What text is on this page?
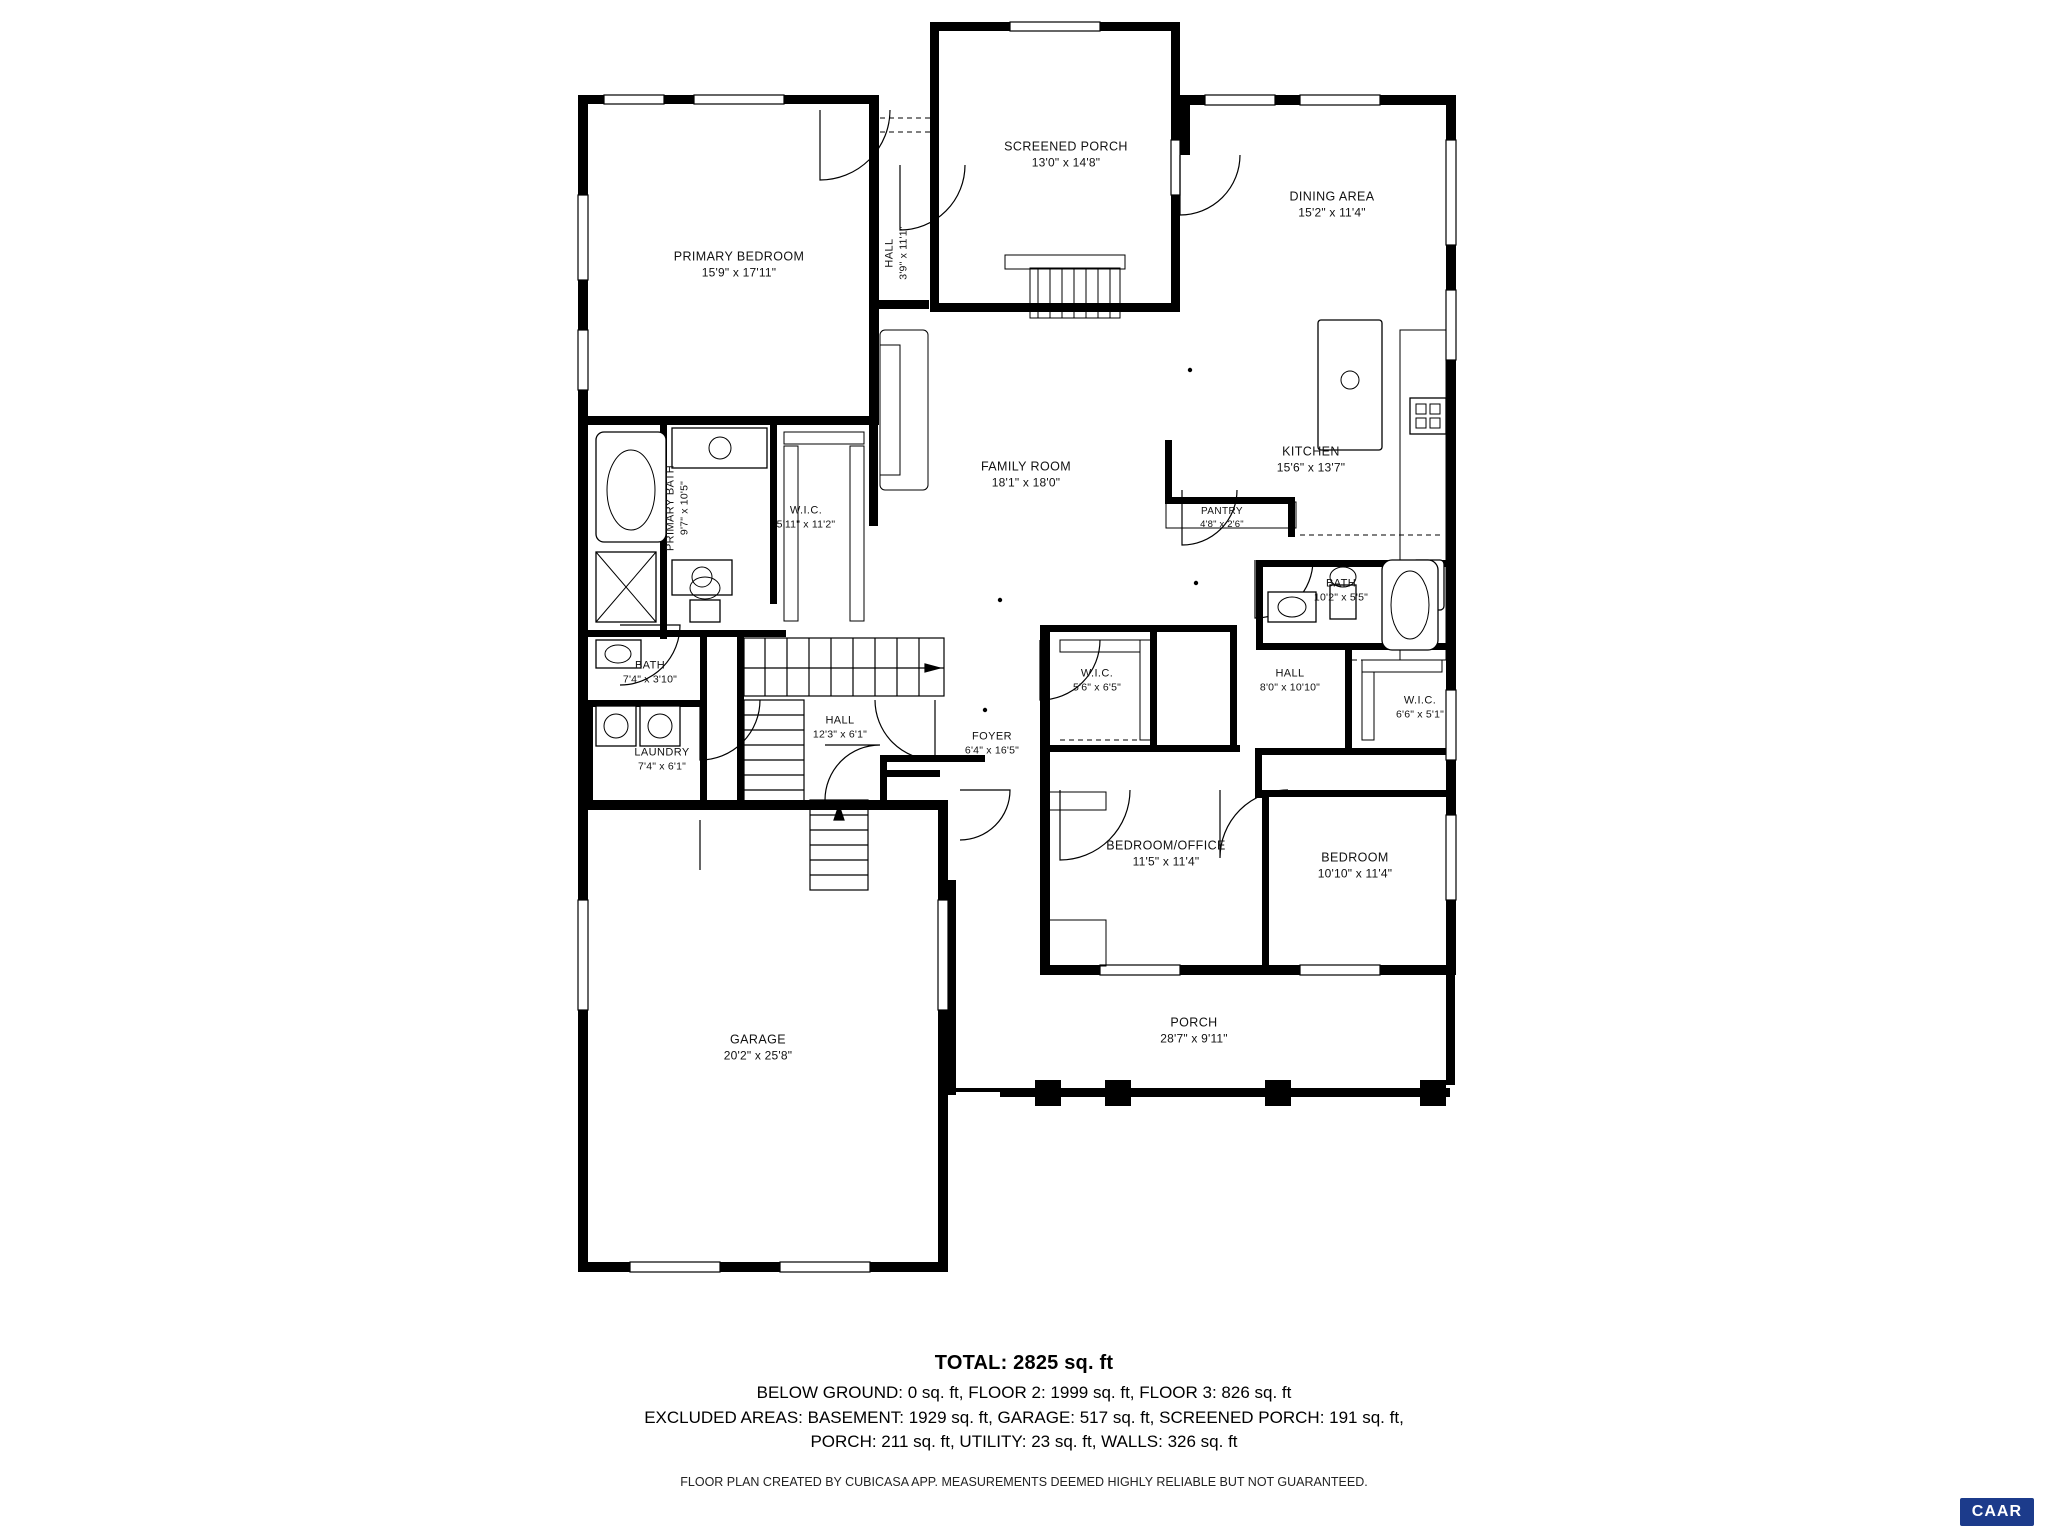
SCREENED PORCH
13'0" x 14'8"
PRIMARY BEDROOM
15'9" x 17'11"
HALL 3'9" x 11'1"
DINING AREA
15'2" x 11'4"
KITCHEN
15'6" x 13'7"
FAMILY ROOM
18'1" x 18'0"
PRIMARY BATH 9'7" x 10'5"	W.I.C.
5'11" x 11'2"
PANTRY
4'8" x 2'6"
BATH
10'2" x 5'5"
BATH
7'4" x 3'10"	W.I.C.
5'6" x 6'5"
HALL
8'0" x 10'10"
W.I.C.
6'6" x 5'1"
HALL
12'3" x 6'1"	FOYER
6'4" x 16'5"
LAUNDRY
7'4" x 6'1"
BEDROOM/OFFICE
11'5" x 11'4"	BEDROOM
10'10" x 11'4"
PORCH
28'7" x 9'11"
GARAGE
20'2" x 25'8"
TOTAL: 2825 sq. ft
BELOW GROUND: 0 sq. ft, FLOOR 2: 1999 sq. ft, FLOOR 3: 826 sq. ft
EXCLUDED AREAS: BASEMENT: 1929 sq. ft, GARAGE: 517 sq. ft, SCREENED PORCH: 191 sq. ft,
PORCH: 211 sq. ft, UTILITY: 23 sq. ft, WALLS: 326 sq. ft
FLOOR PLAN CREATED BY CUBICASA APP. MEASUREMENTS DEEMED HIGHLY RELIABLE BUT NOT GUARANTEED.
CAAR
